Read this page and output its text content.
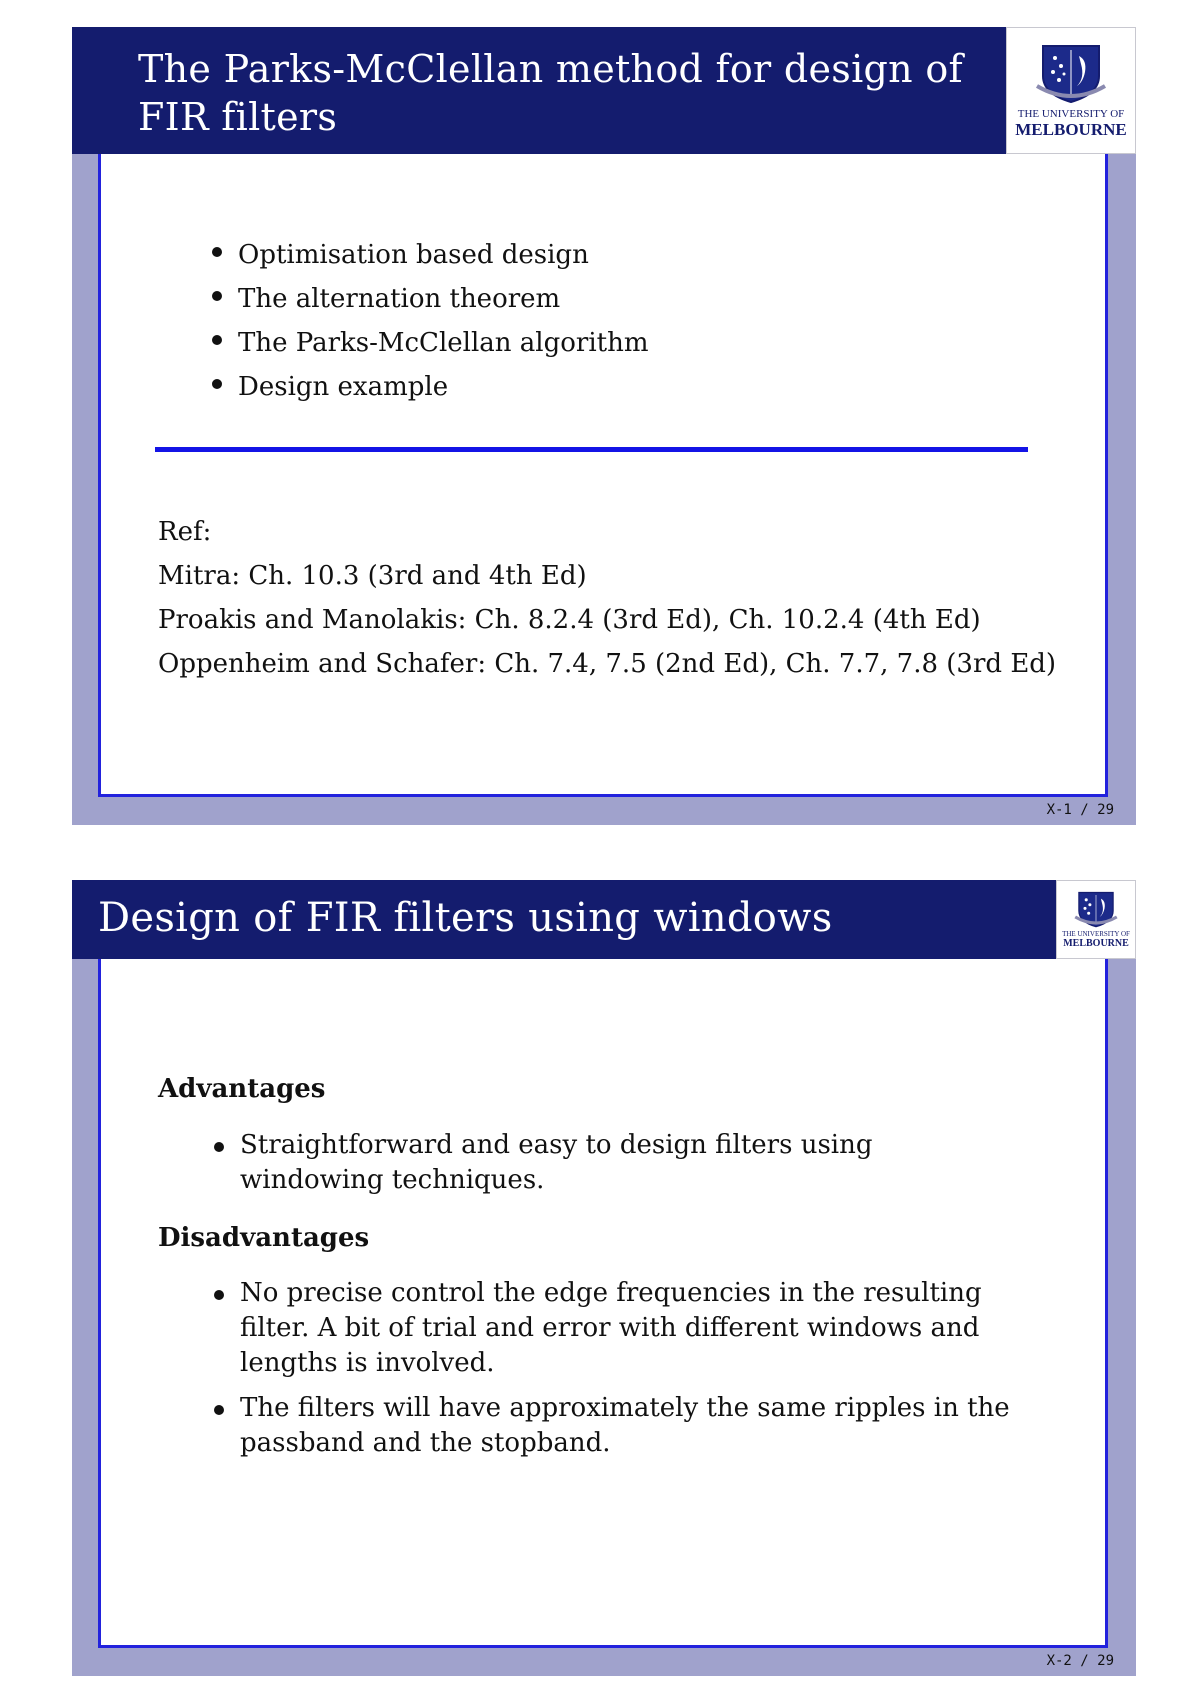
The Parks-McClellan method for design of FIR filters	THE UNIVERSITY OF
MELBOURNE
Optimisation based design
The alternation theorem
The Parks-McClellan algorithm
Design example
Ref:
Mitra: Ch. 10.3 (3rd and 4th Ed)
Proakis and Manolakis: Ch. 8.2.4 (3rd Ed), Ch. 10.2.4 (4th Ed)
Oppenheim and Schafer: Ch. 7.4, 7.5 (2nd Ed), Ch. 7.7, 7.8 (3rd Ed)
X-1 / 29
Design of FIR filters using windows	THE UNIVERSITY OF
MELBOURNE
Advantages
Straightforward and easy to design filters using windowing techniques.
Disadvantages
No precise control the edge frequencies in the resulting filter. A bit of trial and error with different windows and lengths is involved.
The filters will have approximately the same ripples in the passband and the stopband.
X-2 / 29
